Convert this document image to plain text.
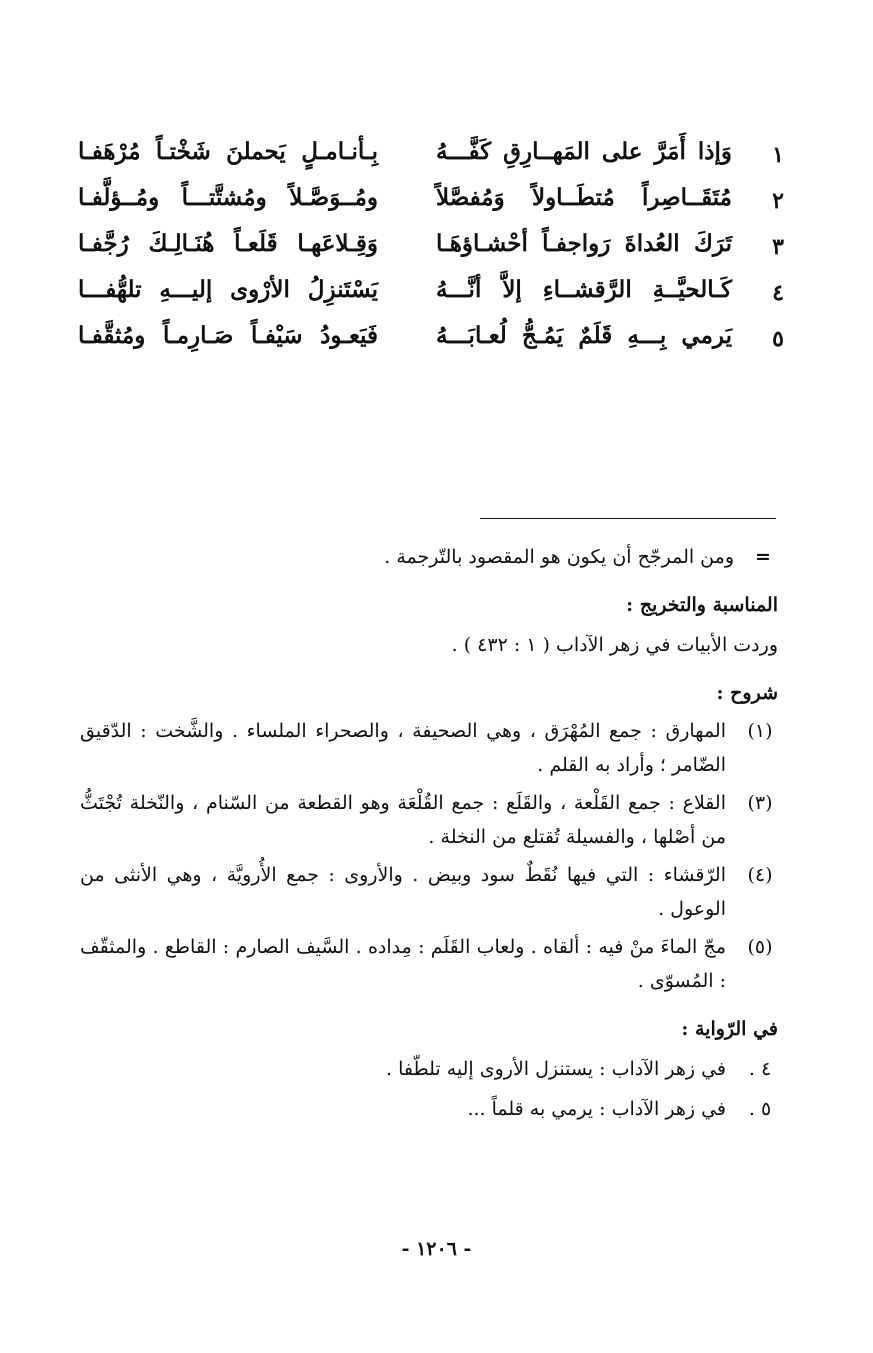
١
وَإذا أَمَرَّ على المَهــارِقِ كَفَّـــهُ
بِـأنـامـلٍ يَحملنَ شَخْتـاً مُرْهَفـا
٢
مُتَقَــاصِراً مُتطَــاولاً وَمُفصَّلاً
ومُــوَصَّـلاً ومُشتَّتـــاً ومُــؤلَّفـا
٣
تَرَكَ العُداةَ رَواجفـاً أحْشـاؤهَـا
وَقِـلاعَهـا قَلَعـاً هُنَـالِـكَ رُجَّفـا
٤
كَـالحيَّــةِ الرَّقشــاءِ إلاَّ أنَّـــهُ
يَسْتَنزِلُ الأرْوى إليـــهِ تلهُّفـــا
٥
يَرمي بِـــهِ قَلَمٌ يَمُـجُّ لُعـابَـــهُ
فَيَعـودُ سَيْفـاً صَـارِمـاً ومُثقَّفـا
=
ومن المرجّح أن يكون هو المقصود بالتّرجمة .
المناسبة والتخريج :
وردت الأبيات في زهر الآداب ( ١ : ٤٣٢ ) .
شروح :
(١)
المهارق : جمع المُهْرَق ، وهي الصحيفة ، والصحراء الملساء . والشَّخت : الدّقيق الضّامر ؛ وأراد به القلم .
(٣)
القلاع : جمع القَلْعة ، والقَلَع : جمع القُلْعَة وهو القطعة من السّنام ، والنّخلة تُجْتَثُّ من أصْلها ، والفسيلة تُقتلع من النخلة .
(٤)
الرّقشاء : التي فيها نُقَطٌ سود وبيض . والأروى : جمع الأُرويَّة ، وهي الأنثى من الوعول .
(٥)
مجّ الماءَ منْ فيه : ألقاه . ولعاب القَلَم : مِداده . السَّيف الصارم : القاطع . والمثقّف : المُسوّى .
في الرّواية :
٤ .
في زهر الآداب : يستنزل الأروى إليه تلطّفا .
٥ .
في زهر الآداب : يرمي به قلماً ...
- ١٢٠٦ -
